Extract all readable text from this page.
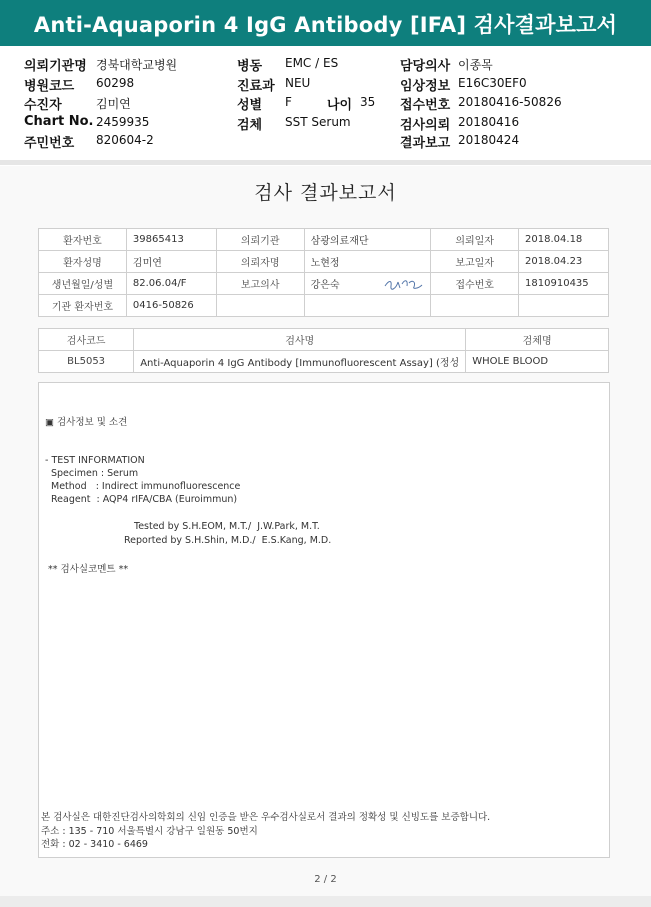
Anti-Aquaporin 4 IgG Antibody [IFA] 검사결과보고서
의뢰기관명 경북대학교병원
병원코드 60298
수진자	김미연
Chart No. 2459935
주민번호 820604-2
병동 EMC / ES
진료과 NEU
성별 F	나이 35
검체 SST Serum
담당의사 이종목
임상정보 E16C30EF0
접수번호 20180416-50826
검사의뢰 20180416
결과보고 20180424
검사 결과보고서
환자번호	39865413	의뢰기관	삼광의료재단	의뢰일자	2018.04.18
환자성명	김미연	의뢰자명	노현정	보고일자	2018.04.23
생년월일/성별	82.06.04/F	보고의사	강은숙	접수번호	1810910435
기관 환자번호	0416-50826				
검사코드	검사명	검체명
BL5053	Anti-Aquaporin 4 IgG Antibody [Immunofluorescent Assay] (정성	WHOLE BLOOD
▣ 검사정보 및 소견
- TEST INFORMATION
Specimen : Serum
Method   : Indirect immunofluorescence
Reagent  : AQP4 rIFA/CBA (Euroimmun)
Tested by S.H.EOM, M.T./  J.W.Park, M.T.
Reported by S.H.Shin, M.D./  E.S.Kang, M.D.
** 검사실코멘트 **
본 검사실은 대한진단검사의학회의 신임 인증을 받은 우수검사실로서 결과의 정확성 및 신빙도를 보증합니다.
주소 : 135 - 710 서울특별시 강남구 일원동 50번지
전화 : 02 - 3410 - 6469
2 / 2
